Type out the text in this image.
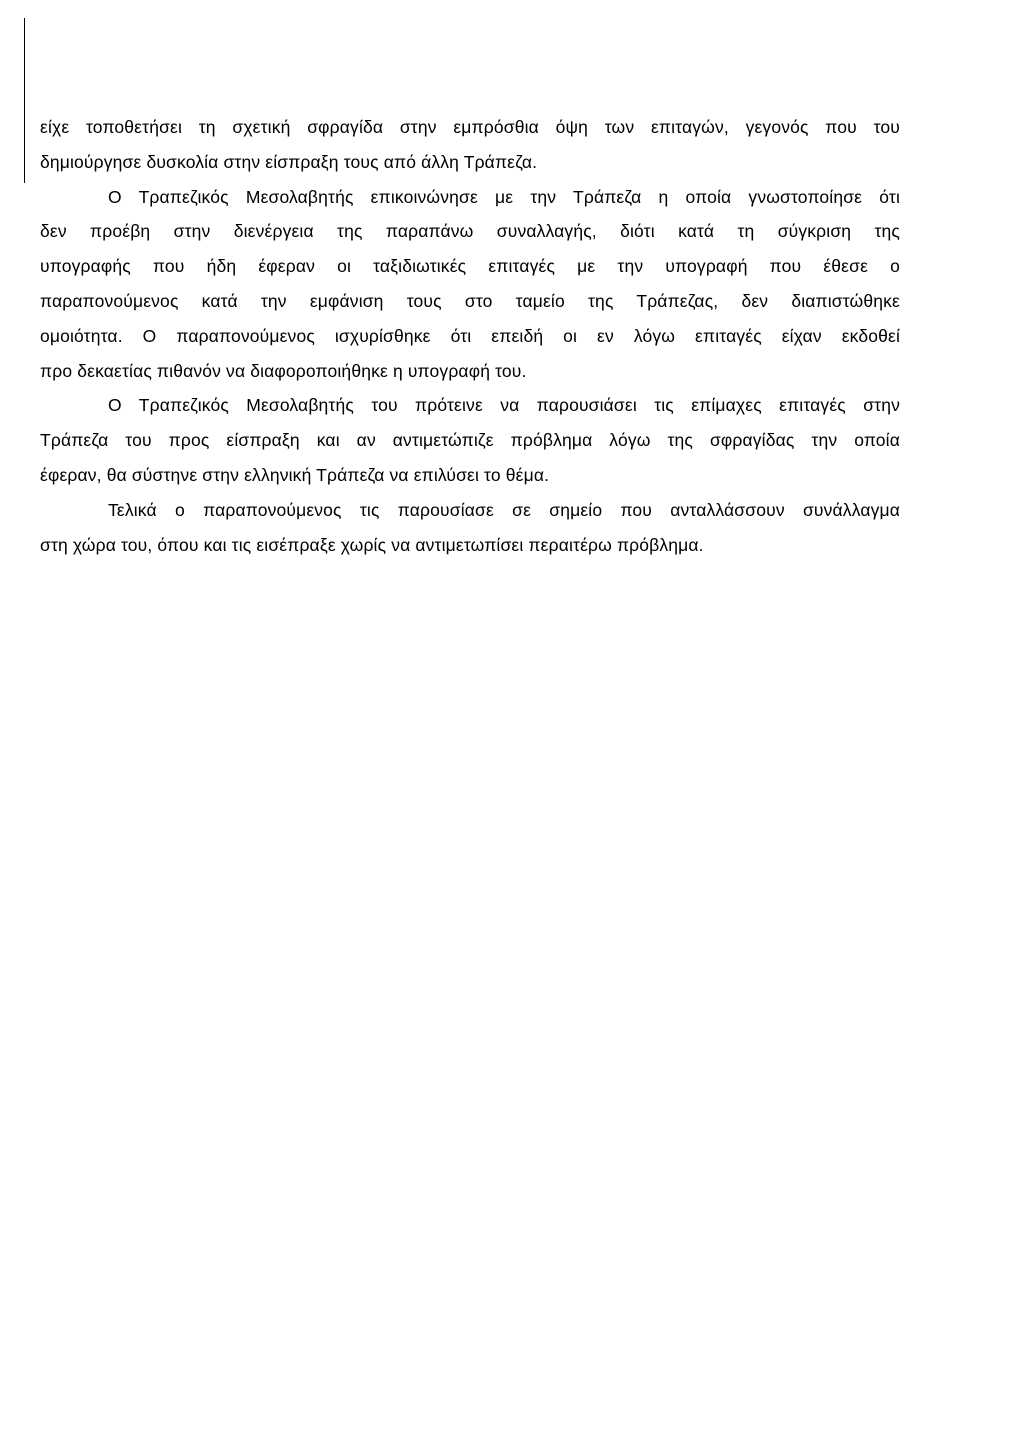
είχε τοποθετήσει τη σχετική σφραγίδα στην εμπρόσθια όψη των επιταγών, γεγονός που του
δημιούργησε δυσκολία στην είσπραξη τους από άλλη Τράπεζα.
Ο Τραπεζικός Μεσολαβητής επικοινώνησε με την Τράπεζα η οποία γνωστοποίησε ότι
δεν προέβη στην διενέργεια της παραπάνω συναλλαγής, διότι κατά τη σύγκριση της
υπογραφής που ήδη έφεραν οι ταξιδιωτικές επιταγές με την υπογραφή που έθεσε ο
παραπονούμενος κατά την εμφάνιση τους στο ταμείο της Τράπεζας, δεν διαπιστώθηκε
ομοιότητα. Ο παραπονούμενος ισχυρίσθηκε ότι επειδή οι εν λόγω επιταγές είχαν εκδοθεί
προ δεκαετίας πιθανόν να διαφοροποιήθηκε η υπογραφή του.
Ο Τραπεζικός Μεσολαβητής του πρότεινε να παρουσιάσει τις επίμαχες επιταγές στην
Τράπεζα του προς είσπραξη και αν αντιμετώπιζε πρόβλημα λόγω της σφραγίδας την οποία
έφεραν, θα σύστηνε στην ελληνική Τράπεζα να επιλύσει το θέμα.
Τελικά ο παραπονούμενος τις παρουσίασε σε σημείο που ανταλλάσσουν συνάλλαγμα
στη χώρα του, όπου και τις εισέπραξε χωρίς να αντιμετωπίσει περαιτέρω πρόβλημα.
